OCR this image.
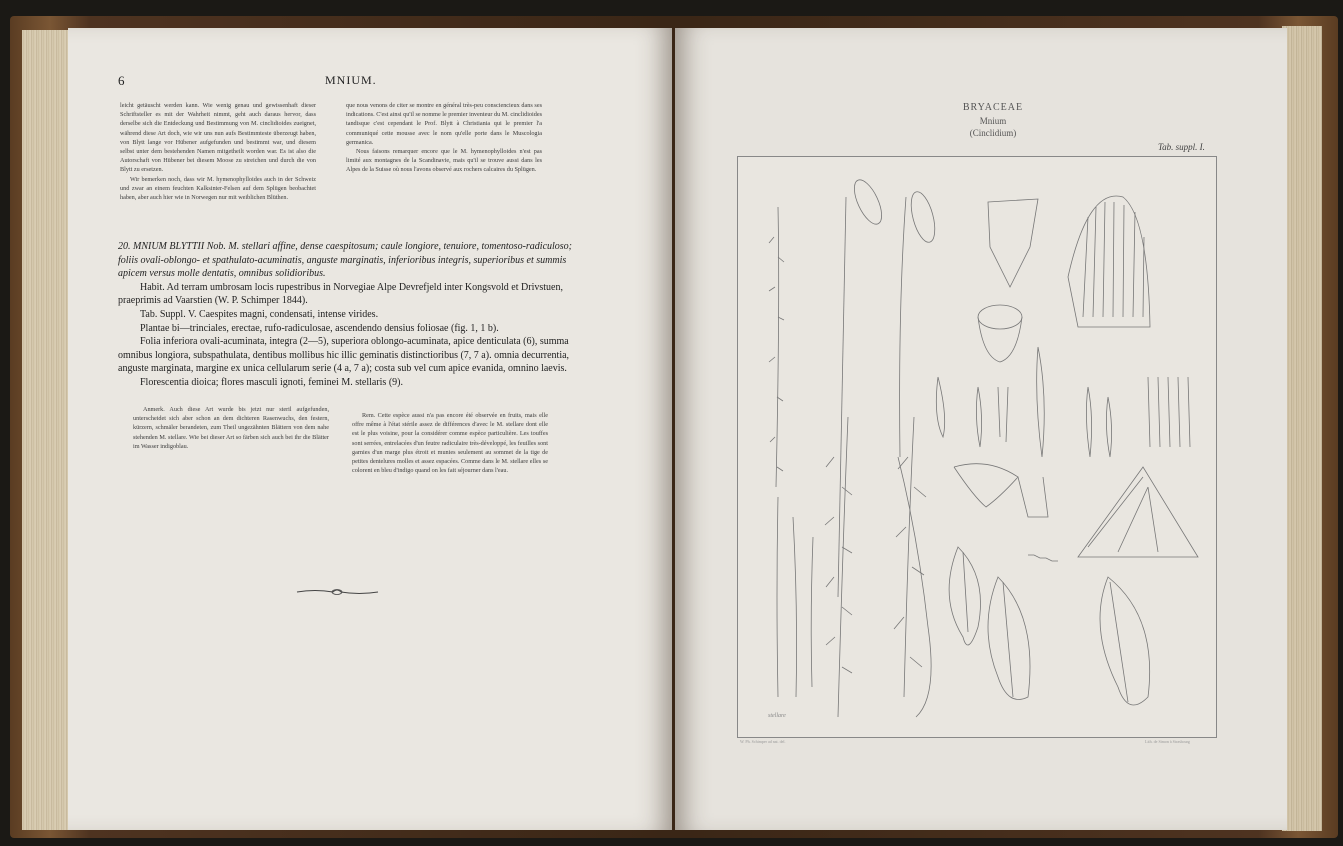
6	MNIUM.

leicht getäuscht werden kann. Wie wenig genau und gewissenhaft dieser Schriftsteller es mit der Wahrheit nimmt, geht auch daraus hervor, dass derselbe sich die Entdeckung und Bestimmung von M. cinclidioides zueignet, während diese Art doch, wie wir uns nun aufs Bestimmteste überzeugt haben, von Blytt lange vor Hübener aufgefunden und bestimmt war, und diesem selbst unter dem bestehenden Namen mitgetheilt worden war. Es ist also die Autorschaft von Hübener bei diesem Moose zu streichen und durch die von Blytt zu ersetzen.

Wir bemerken noch, dass wir M. hymenophylloides auch in der Schweiz und zwar an einem feuchten Kalksinter-Felsen auf dem Splügen beobachtet haben, aber auch hier wie in Norwegen nur mit weiblichen Blüthen.

que nous venons de citer se montre en général très-peu consciencieux dans ses indications. C'est ainsi qu'il se nomme le premier inventeur du M. cinclidioides tandisque c'est cependant le Prof. Blytt à Christiania qui le premier l'a communiqué cette mousse avec le nom qu'elle porte dans le Muscologia germanica.

Nous faisons remarquer encore que le M. hymenophylloides n'est pas limité aux montagnes de la Scandinavie, mais qu'il se trouve aussi dans les Alpes de la Suisse où nous l'avons observé aux rochers calcaires du Splügen.

20. MNIUM BLYTTII Nob. M. stellari affine, dense caespitosum; caule longiore, tenuiore, tomentoso-radiculoso; foliis ovali-oblongo- et spathulato-acuminatis, anguste marginatis, inferioribus integris, superioribus et summis apicem versus molle dentatis, omnibus solidioribus.

Habit. Ad terram umbrosam locis rupestribus in Norvegiae Alpe Devrefjeld inter Kongsvold et Drivstuen, praeprimis ad Vaarstien (W. P. Schimper 1844).

Tab. Suppl. V. Caespites magni, condensati, intense virides.

Plantae bi—trinciales, erectae, rufo-radiculosae, ascendendo densius foliosae (fig. 1, 1 b).

Folia inferiora ovali-acuminata, integra (2—5), superiora oblongo-acuminata, apice denticulata (6), summa omnibus longiora, subspathulata, dentibus mollibus hic illic geminatis distinctioribus (7, 7 a). omnia decurrentia, anguste marginata, margine ex unica cellularum serie (4 a, 7 a); costa sub vel cum apice evanida, omnino laevis.

Florescentia dioica; flores masculi ignoti, feminei M. stellaris (9).

Anmerk. Auch diese Art wurde bis jetzt nur steril aufgefunden, unterscheidet sich aber schon an dem dichteren Rasenwuchs, den festern, kürzern, schmäler berandeten, zum Theil ungezähnten Blättern von dem nahe stehenden M. stellare. Wie bei dieser Art so färben sich auch bei ihr die Blätter im Wasser indigoblau.

Rem. Cette espèce aussi n'a pas encore été observée en fruits, mais elle offre même à l'état stérile assez de différences d'avec le M. stellare dont elle est le plus voisine, pour la considérer comme espèce particulière. Les touffes sont serrées, entrelacées d'un feutre radiculaire très-développé, les feuilles sont garnies d'un marge plus étroit et munies seulement au sommet de la tige de petites dentelures molles et assez espacées. Comme dans le M. stellare elles se colorent en bleu d'indigo quand on les fait séjourner dans l'eau.

BRYACEAE
Mnium
(Cinclidium)
Tab. suppl. I.
stellare
W. Ph. Schimper ad nat. del.	Lith. de Simon à Strasbourg
